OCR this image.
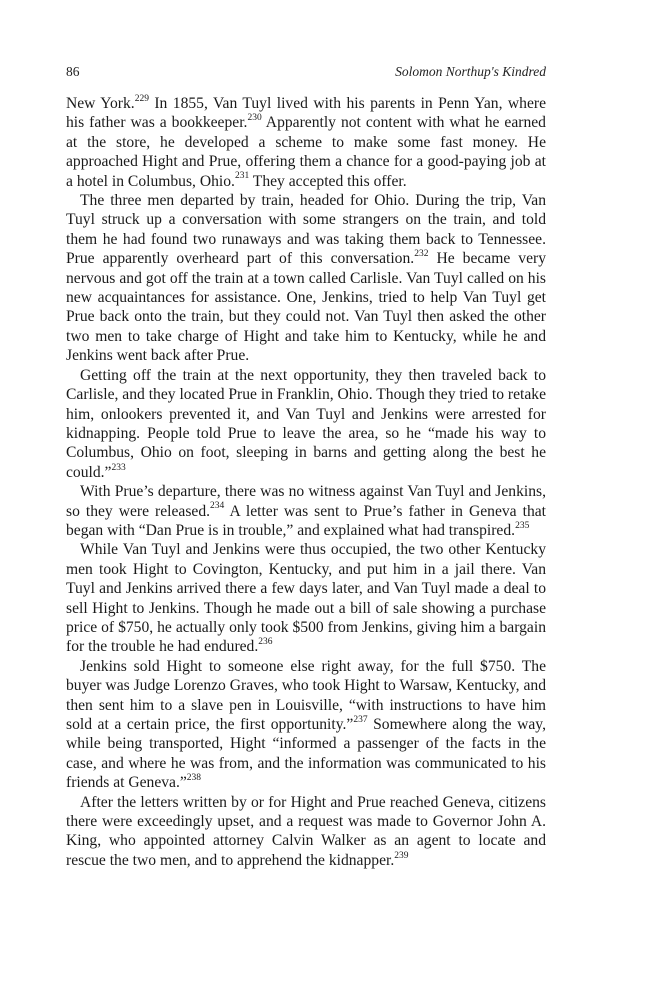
86	Solomon Northup's Kindred

New York.$^{229}$ In 1855, Van Tuyl lived with his parents in Penn Yan, where his father was a bookkeeper.$^{230}$ Apparently not content with what he earned at the store, he developed a scheme to make some fast money. He approached Hight and Prue, offering them a chance for a good-paying job at a hotel in Columbus, Ohio.$^{231}$ They accepted this offer.

The three men departed by train, headed for Ohio. During the trip, Van Tuyl struck up a conversation with some strangers on the train, and told them he had found two runaways and was taking them back to Tennessee. Prue apparently overheard part of this conversation.$^{232}$ He became very nervous and got off the train at a town called Carlisle. Van Tuyl called on his new acquaintances for assistance. One, Jenkins, tried to help Van Tuyl get Prue back onto the train, but they could not. Van Tuyl then asked the other two men to take charge of Hight and take him to Kentucky, while he and Jenkins went back after Prue.

Getting off the train at the next opportunity, they then traveled back to Carlisle, and they located Prue in Franklin, Ohio. Though they tried to retake him, onlookers prevented it, and Van Tuyl and Jenkins were arrested for kidnapping. People told Prue to leave the area, so he “made his way to Columbus, Ohio on foot, sleeping in barns and getting along the best he could.”$^{233}$

With Prue’s departure, there was no witness against Van Tuyl and Jenkins, so they were released.$^{234}$ A letter was sent to Prue’s father in Geneva that began with “Dan Prue is in trouble,” and explained what had transpired.$^{235}$

While Van Tuyl and Jenkins were thus occupied, the two other Kentucky men took Hight to Covington, Kentucky, and put him in a jail there. Van Tuyl and Jenkins arrived there a few days later, and Van Tuyl made a deal to sell Hight to Jenkins. Though he made out a bill of sale showing a purchase price of $750, he actually only took $500 from Jenkins, giving him a bargain for the trouble he had endured.$^{236}$

Jenkins sold Hight to someone else right away, for the full $750. The buyer was Judge Lorenzo Graves, who took Hight to Warsaw, Kentucky, and then sent him to a slave pen in Louisville, “with instructions to have him sold at a certain price, the first opportunity.”$^{237}$ Somewhere along the way, while being transported, Hight “informed a passenger of the facts in the case, and where he was from, and the information was communicated to his friends at Geneva.”$^{238}$

After the letters written by or for Hight and Prue reached Geneva, citizens there were exceedingly upset, and a request was made to Governor John A. King, who appointed attorney Calvin Walker as an agent to locate and rescue the two men, and to apprehend the kidnapper.$^{239}$
